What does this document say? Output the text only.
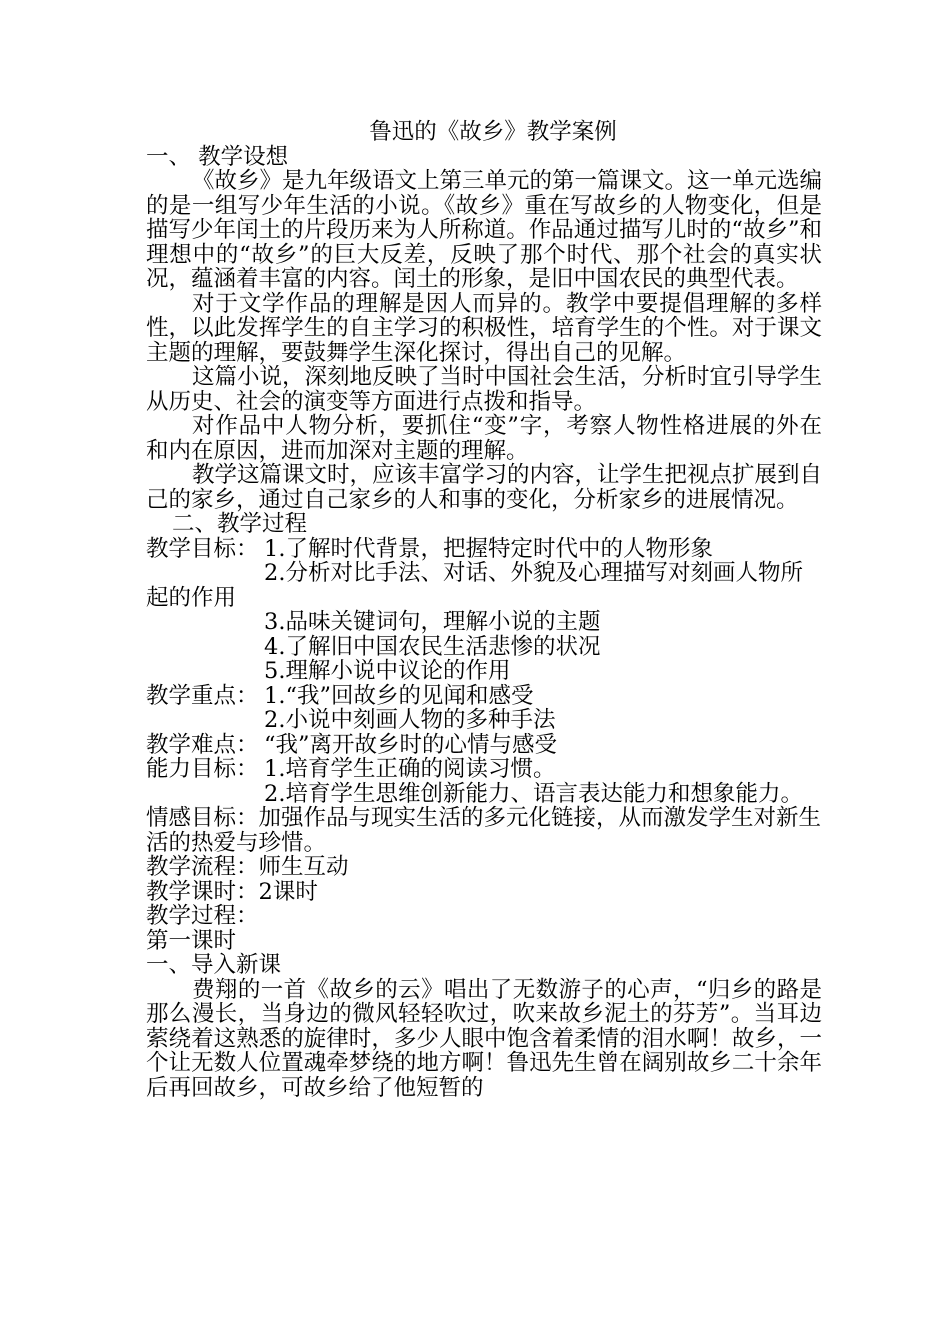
鲁迅的《故乡》教学案例

一、 教学设想

《故乡》是九年级语文上第三单元的第一篇课文。这一单元选编的是一组写少年生活的小说。《故乡》重在写故乡的人物变化，但是描写少年闰土的片段历来为人所称道。作品通过描写儿时的“故乡”和理想中的“故乡”的巨大反差，反映了那个时代、那个社会的真实状况，蕴涵着丰富的内容。闰土的形象，是旧中国农民的典型代表。

对于文学作品的理解是因人而异的。教学中要提倡理解的多样性，以此发挥学生的自主学习的积极性，培育学生的个性。对于课文主题的理解，要鼓舞学生深化探讨，得出自己的见解。

这篇小说，深刻地反映了当时中国社会生活，分析时宜引导学生从历史、社会的演变等方面进行点拨和指导。

对作品中人物分析，要抓住“变”字，考察人物性格进展的外在和内在原因，进而加深对主题的理解。

教学这篇课文时，应该丰富学习的内容，让学生把视点扩展到自己的家乡，通过自己家乡的人和事的变化，分析家乡的进展情况。

二、教学过程

教学目标： 1.了解时代背景，把握特定时代中的人物形象

2.分析对比手法、对话、外貌及心理描写对刻画人物所起的作用

3.品味关键词句，理解小说的主题

4.了解旧中国农民生活悲惨的状况

5.理解小说中议论的作用

教学重点： 1.“我”回故乡的见闻和感受

2.小说中刻画人物的多种手法

教学难点： “我”离开故乡时的心情与感受
能力目标： 1.培育学生正确的阅读习惯。

2.培育学生思维创新能力、语言表达能力和想象能力。

情感目标：加强作品与现实生活的多元化链接，从而激发学生对新生活的热爱与珍惜。

教学流程：师生互动

教学课时：2课时

教学过程：

第一课时

一、导入新课

费翔的一首《故乡的云》唱出了无数游子的心声，“归乡的路是那么漫长，当身边的微风轻轻吹过，吹来故乡泥土的芬芳”。当耳边萦绕着这熟悉的旋律时，多少人眼中饱含着柔情的泪水啊！故乡，一个让无数人位置魂牵梦绕的地方啊！鲁迅先生曾在阔别故乡二十余年后再回故乡，可故乡给了他短暂的
